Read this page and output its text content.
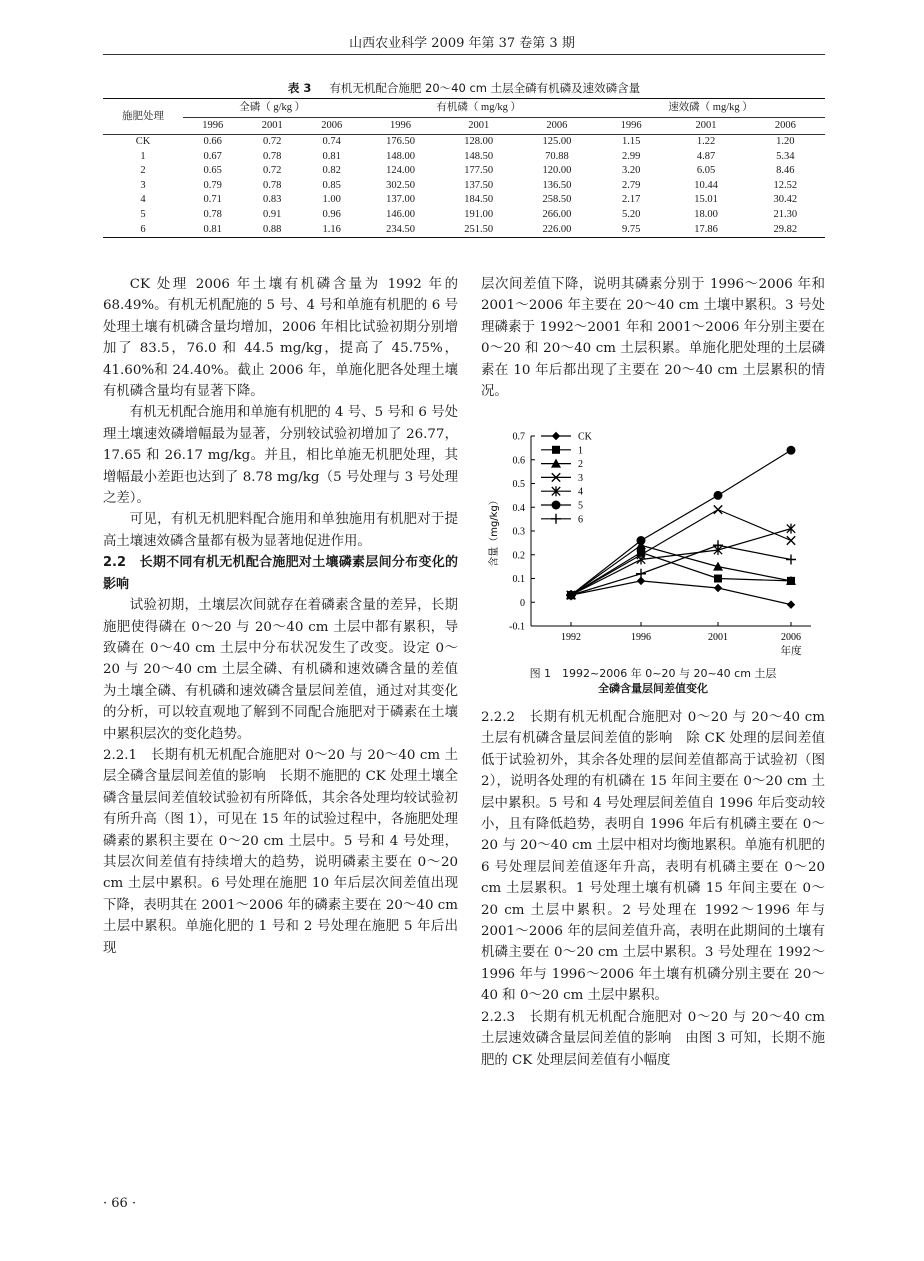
山西农业科学 2009 年第 37 卷第 3 期
表 3 有机无机配合施肥 20～40 cm 土层全磷有机磷及速效磷含量
施肥处理	全磷（ g/kg ）			有机磷（ mg/kg ）			速效磷（ mg/kg ）		
	1996	2001	2006	1996	2001	2006	1996	2001	2006
CK	0.66	0.72	0.74	176.50	128.00	125.00	1.15	1.22	1.20
1	0.67	0.78	0.81	148.00	148.50	70.88	2.99	4.87	5.34
2	0.65	0.72	0.82	124.00	177.50	120.00	3.20	6.05	8.46
3	0.79	0.78	0.85	302.50	137.50	136.50	2.79	10.44	12.52
4	0.71	0.83	1.00	137.00	184.50	258.50	2.17	15.01	30.42
5	0.78	0.91	0.96	146.00	191.00	266.00	5.20	18.00	21.30
6	0.81	0.88	1.16	234.50	251.50	226.00	9.75	17.86	29.82

CK 处理 2006 年土壤有机磷含量为 1992 年的 68.49%。有机无机配施的 5 号、4 号和单施有机肥的 6 号处理土壤有机磷含量均增加，2006 年相比试验初期分别增加了 83.5，76.0 和 44.5 mg/kg，提高了 45.75%，41.60%和 24.40%。截止 2006 年，单施化肥各处理土壤有机磷含量均有显著下降。

有机无机配合施用和单施有机肥的 4 号、5 号和 6 号处理土壤速效磷增幅最为显著，分别较试验初增加了 26.77，17.65 和 26.17 mg/kg。并且，相比单施无机肥处理，其增幅最小差距也达到了 8.78 mg/kg（5 号处理与 3 号处理之差）。

可见，有机无机肥料配合施用和单独施用有机肥对于提高土壤速效磷含量都有极为显著地促进作用。

2.2　长期不同有机无机配合施肥对土壤磷素层间分布变化的影响

试验初期，土壤层次间就存在着磷素含量的差异，长期施肥使得磷在 0～20 与 20～40 cm 土层中都有累积，导致磷在 0～40 cm 土层中分布状况发生了改变。设定 0～20 与 20～40 cm 土层全磷、有机磷和速效磷含量的差值为土壤全磷、有机磷和速效磷含量层间差值，通过对其变化的分析，可以较直观地了解到不同配合施肥对于磷素在土壤中累积层次的变化趋势。

2.2.1　长期有机无机配合施肥对 0～20 与 20～40 cm 土层全磷含量层间差值的影响　长期不施肥的 CK 处理土壤全磷含量层间差值较试验初有所降低，其余各处理均较试验初有所升高（图 1），可见在 15 年的试验过程中，各施肥处理磷素的累积主要在 0～20 cm 土层中。5 号和 4 号处理，其层次间差值有持续增大的趋势，说明磷素主要在 0～20 cm 土层中累积。6 号处理在施肥 10 年后层次间差值出现下降，表明其在 2001～2006 年的磷素主要在 20～40 cm 土层中累积。单施化肥的 1 号和 2 号处理在施肥 5 年后出现

层次间差值下降，说明其磷素分别于 1996～2006 年和 2001～2006 年主要在 20～40 cm 土壤中累积。3 号处理磷素于 1992～2001 年和 2001～2006 年分别主要在 0～20 和 20～40 cm 土层积累。单施化肥处理的土层磷素在 10 年后都出现了主要在 20～40 cm 土层累积的情况。

-0.1
0
0.1
0.2
0.3
0.4
0.5
0.6
0.7
1992	1996	2001	2006
年度
含量（mg/kg）
CK
1
2
3
4
5
6
图 1　1992~2006 年 0~20 与 20~40 cm 土层
全磷含量层间差值变化

2.2.2　长期有机无机配合施肥对 0～20 与 20～40 cm 土层有机磷含量层间差值的影响　除 CK 处理的层间差值低于试验初外，其余各处理的层间差值都高于试验初（图 2），说明各处理的有机磷在 15 年间主要在 0～20 cm 土层中累积。5 号和 4 号处理层间差值自 1996 年后变动较小，且有降低趋势，表明自 1996 年后有机磷主要在 0～20 与 20～40 cm 土层中相对均衡地累积。单施有机肥的 6 号处理层间差值逐年升高，表明有机磷主要在 0～20 cm 土层累积。1 号处理土壤有机磷 15 年间主要在 0～20 cm 土层中累积。2 号处理在 1992～1996 年与 2001～2006 年的层间差值升高，表明在此期间的土壤有机磷主要在 0～20 cm 土层中累积。3 号处理在 1992～1996 年与 1996～2006 年土壤有机磷分别主要在 20～40 和 0～20 cm 土层中累积。

2.2.3　长期有机无机配合施肥对 0～20 与 20～40 cm 土层速效磷含量层间差值的影响　由图 3 可知，长期不施肥的 CK 处理层间差值有小幅度

· 66 ·
